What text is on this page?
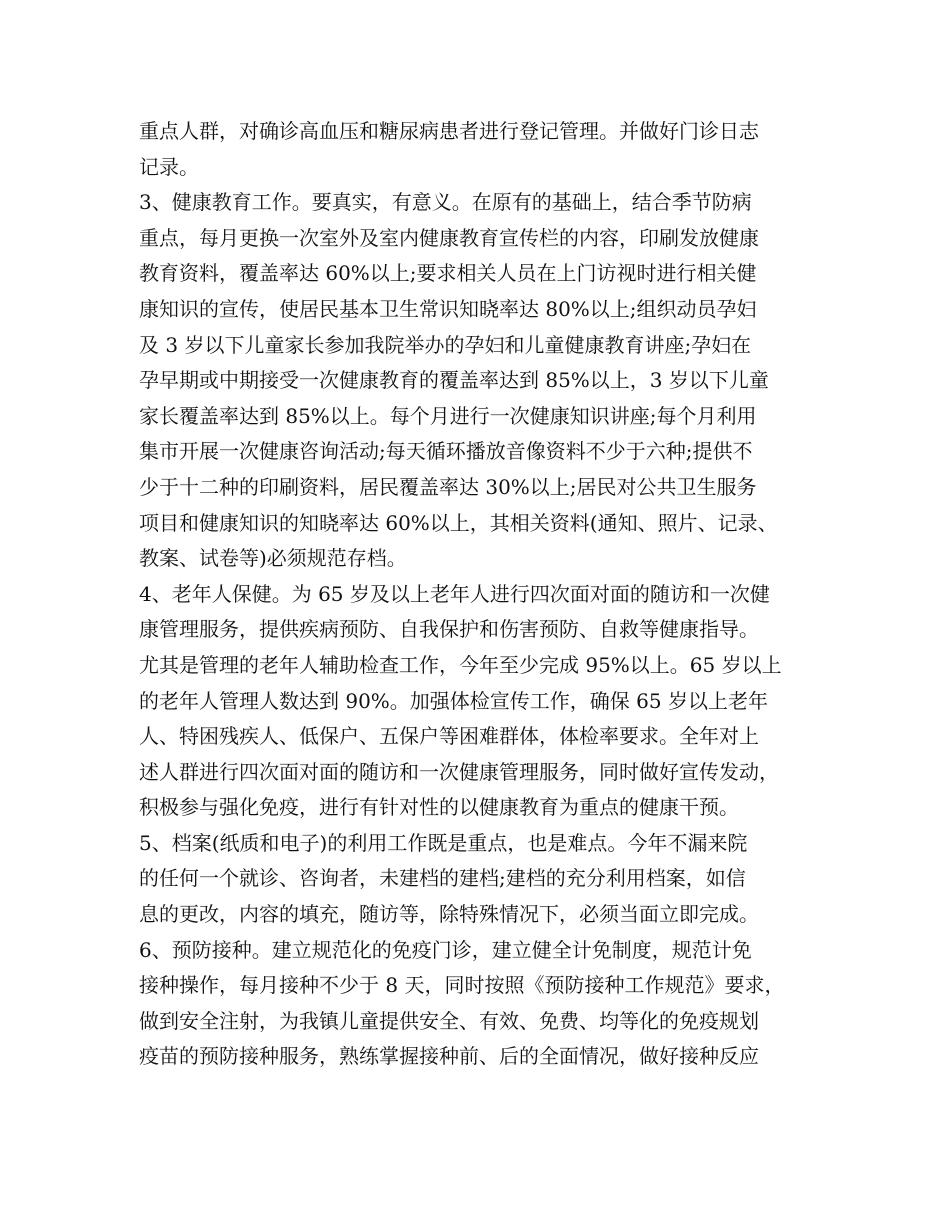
重点人群，对确诊高血压和糖尿病患者进行登记管理。并做好门诊日志
记录。
3、健康教育工作。要真实，有意义。在原有的基础上，结合季节防病
重点，每月更换一次室外及室内健康教育宣传栏的内容，印刷发放健康
教育资料，覆盖率达 60%以上;要求相关人员在上门访视时进行相关健
康知识的宣传，使居民基本卫生常识知晓率达 80%以上;组织动员孕妇
及 3 岁以下儿童家长参加我院举办的孕妇和儿童健康教育讲座;孕妇在
孕早期或中期接受一次健康教育的覆盖率达到 85%以上，3 岁以下儿童
家长覆盖率达到 85%以上。每个月进行一次健康知识讲座;每个月利用
集市开展一次健康咨询活动;每天循环播放音像资料不少于六种;提供不
少于十二种的印刷资料，居民覆盖率达 30%以上;居民对公共卫生服务
项目和健康知识的知晓率达 60%以上，其相关资料(通知、照片、记录、
教案、试卷等)必须规范存档。
4、老年人保健。为 65 岁及以上老年人进行四次面对面的随访和一次健
康管理服务，提供疾病预防、自我保护和伤害预防、自救等健康指导。
尤其是管理的老年人辅助检查工作，今年至少完成 95%以上。65 岁以上
的老年人管理人数达到 90%。加强体检宣传工作，确保 65 岁以上老年
人、特困残疾人、低保户、五保户等困难群体，体检率要求。全年对上
述人群进行四次面对面的随访和一次健康管理服务，同时做好宣传发动，
积极参与强化免疫，进行有针对性的以健康教育为重点的健康干预。
5、档案(纸质和电子)的利用工作既是重点，也是难点。今年不漏来院
的任何一个就诊、咨询者，未建档的建档;建档的充分利用档案，如信
息的更改，内容的填充，随访等，除特殊情况下，必须当面立即完成。
6、预防接种。建立规范化的免疫门诊，建立健全计免制度，规范计免
接种操作，每月接种不少于 8 天，同时按照《预防接种工作规范》要求，
做到安全注射，为我镇儿童提供安全、有效、免费、均等化的免疫规划
疫苗的预防接种服务，熟练掌握接种前、后的全面情况，做好接种反应
